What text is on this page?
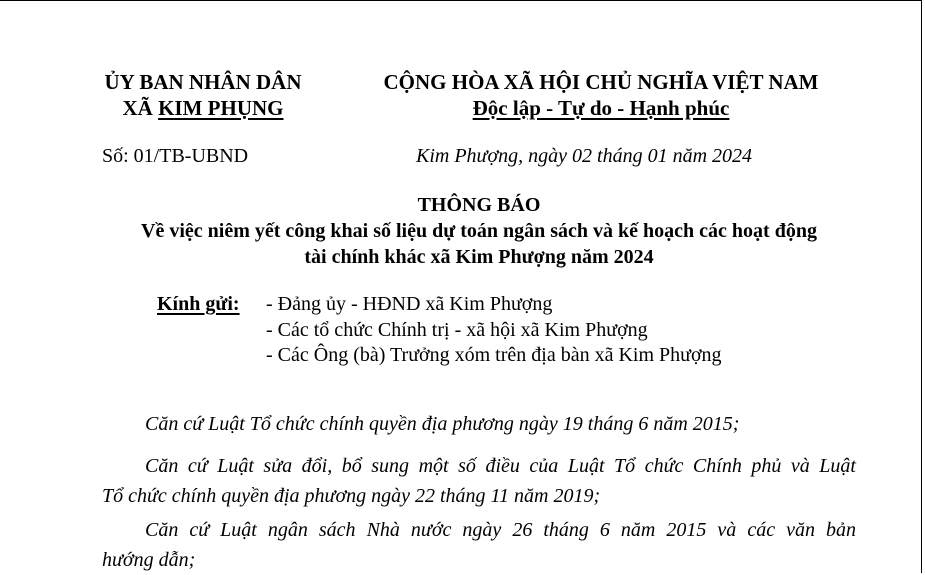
ỦY BAN NHÂN DÂN
XÃ KIM PHỤNG
CỘNG HÒA XÃ HỘI CHỦ NGHĨA VIỆT NAM
Độc lập - Tự do - Hạnh phúc
Số: 01/TB-UBND	Kim Phượng, ngày 02 tháng 01 năm 2024
THÔNG BÁO
Về việc niêm yết công khai số liệu dự toán ngân sách và kế hoạch các hoạt động
tài chính khác xã Kim Phượng năm 2024
Kính gửi: - Đảng ủy - HĐND xã Kim Phượng
- Các tổ chức Chính trị - xã hội xã Kim Phượng
- Các Ông (bà) Trưởng xóm trên địa bàn xã Kim Phượng
Căn cứ Luật Tổ chức chính quyền địa phương ngày 19 tháng 6 năm 2015;
Căn cứ Luật sửa đổi, bổ sung một số điều của Luật Tổ chức Chính phủ và Luật
Tổ chức chính quyền địa phương ngày 22 tháng 11 năm 2019;
Căn cứ Luật ngân sách Nhà nước ngày 26 tháng 6 năm 2015 và các văn bản
hướng dẫn;
